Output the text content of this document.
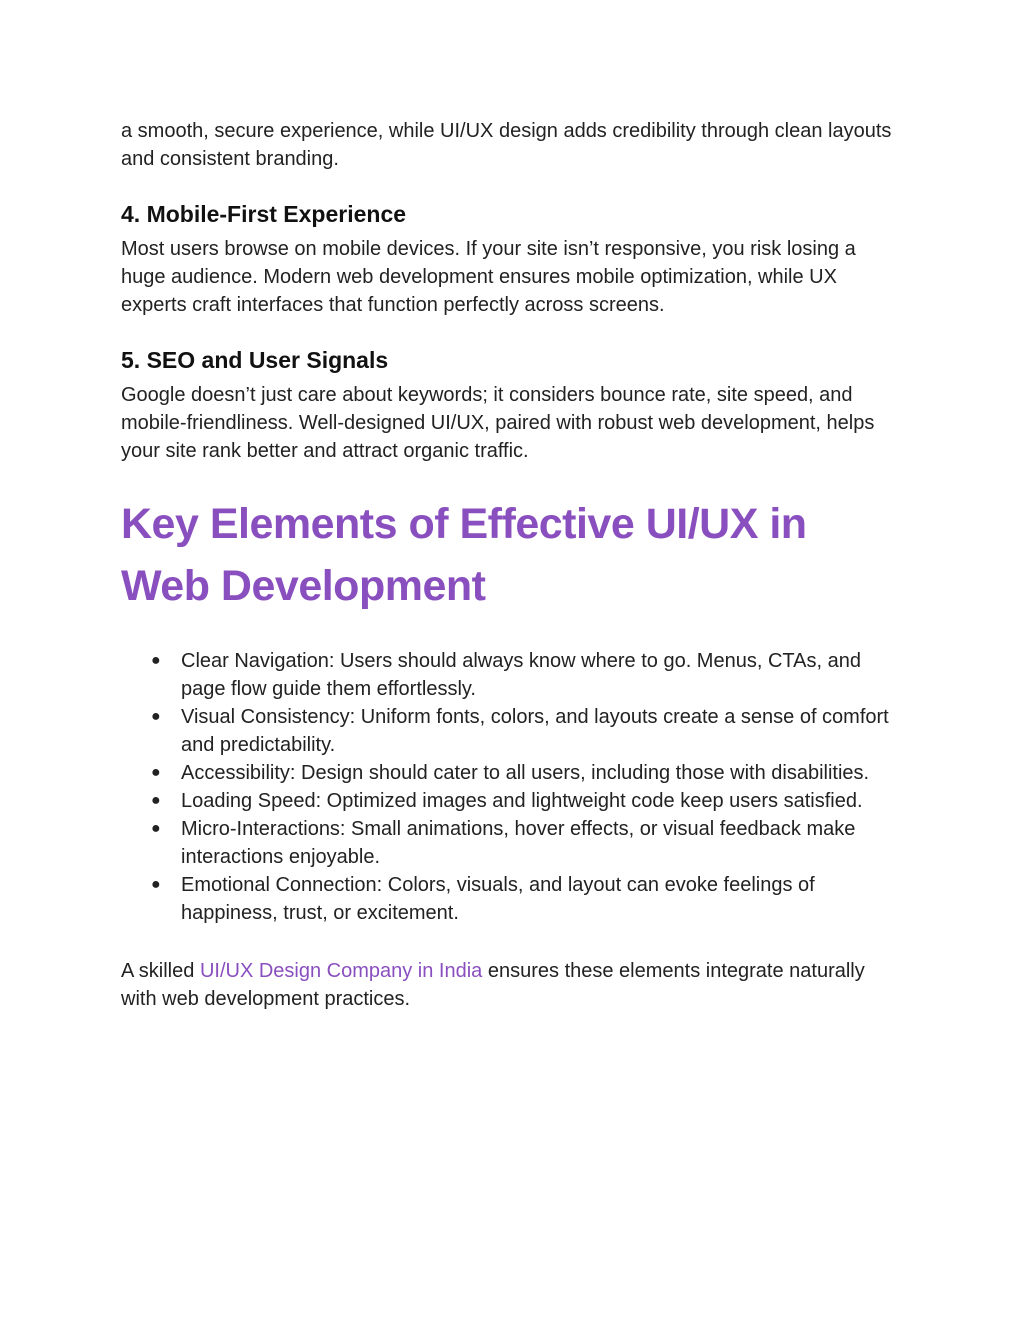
a smooth, secure experience, while UI/UX design adds credibility through clean layouts and consistent branding.

4. Mobile-First Experience

Most users browse on mobile devices. If your site isn’t responsive, you risk losing a huge audience. Modern web development ensures mobile optimization, while UX experts craft interfaces that function perfectly across screens.

5. SEO and User Signals

Google doesn’t just care about keywords; it considers bounce rate, site speed, and mobile-friendliness. Well-designed UI/UX, paired with robust web development, helps your site rank better and attract organic traffic.

Key Elements of Effective UI/UX in Web Development
● Clear Navigation: Users should always know where to go. Menus, CTAs, and page flow guide them effortlessly.
● Visual Consistency: Uniform fonts, colors, and layouts create a sense of comfort and predictability.
● Accessibility: Design should cater to all users, including those with disabilities.
● Loading Speed: Optimized images and lightweight code keep users satisfied.
● Micro-Interactions: Small animations, hover effects, or visual feedback make interactions enjoyable.
● Emotional Connection: Colors, visuals, and layout can evoke feelings of happiness, trust, or excitement.

A skilled UI/UX Design Company in India ensures these elements integrate naturally with web development practices.
